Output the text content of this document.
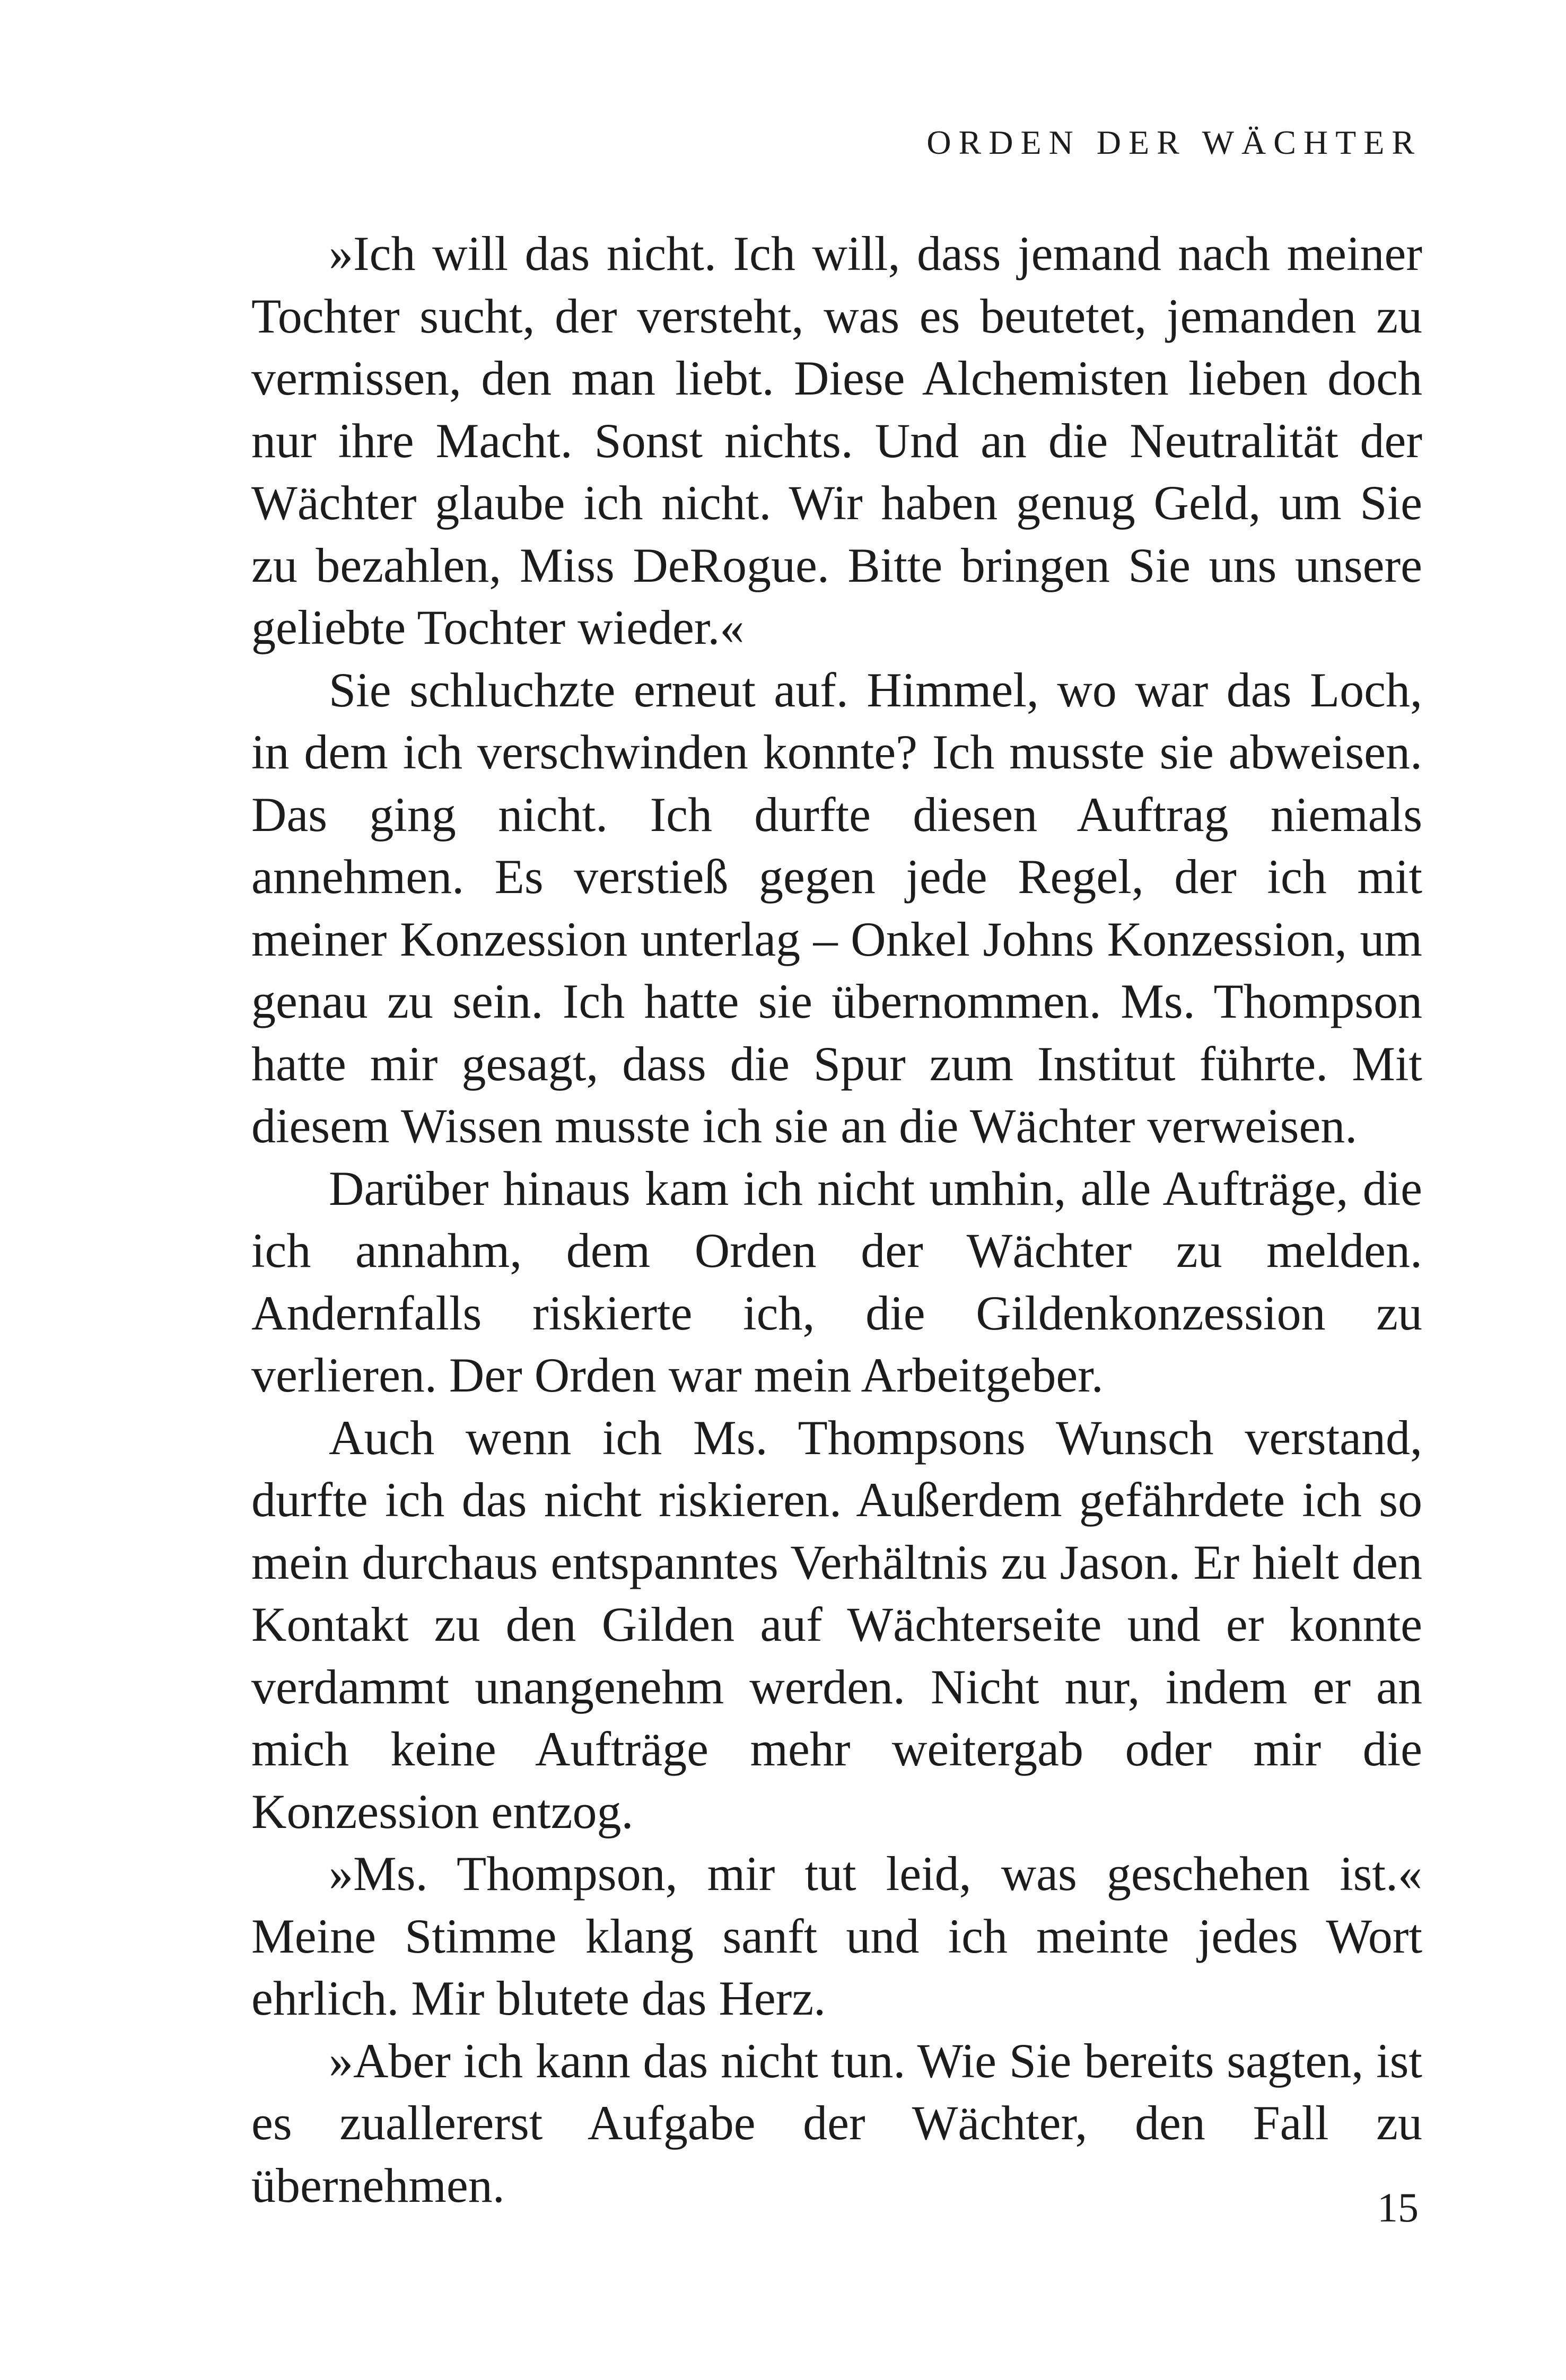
ORDEN DER WÄCHTER

»Ich will das nicht. Ich will, dass jemand nach meiner Tochter sucht, der versteht, was es beutetet, jemanden zu vermissen, den man liebt. Diese Alchemisten lieben doch nur ihre Macht. Sonst nichts. Und an die Neutralität der Wächter glaube ich nicht. Wir haben genug Geld, um Sie zu bezahlen, Miss DeRogue. Bitte bringen Sie uns unsere geliebte Tochter wieder.«

Sie schluchzte erneut auf. Himmel, wo war das Loch, in dem ich verschwinden konnte? Ich musste sie abweisen. Das ging nicht. Ich durfte diesen Auftrag niemals annehmen. Es verstieß gegen jede Regel, der ich mit meiner Konzession unterlag – Onkel Johns Konzession, um genau zu sein. Ich hatte sie übernommen. Ms. Thompson hatte mir gesagt, dass die Spur zum Institut führte. Mit diesem Wissen musste ich sie an die Wächter verweisen.

Darüber hinaus kam ich nicht umhin, alle Aufträge, die ich annahm, dem Orden der Wächter zu melden. Andernfalls riskierte ich, die Gildenkonzession zu verlieren. Der Orden war mein Arbeitgeber.

Auch wenn ich Ms. Thompsons Wunsch verstand, durfte ich das nicht riskieren. Außerdem gefährdete ich so mein durchaus entspanntes Verhältnis zu Jason. Er hielt den Kontakt zu den Gilden auf Wächterseite und er konnte verdammt unangenehm werden. Nicht nur, indem er an mich keine Aufträge mehr weitergab oder mir die Konzession entzog.

»Ms. Thompson, mir tut leid, was geschehen ist.« Meine Stimme klang sanft und ich meinte jedes Wort ehrlich. Mir blutete das Herz.

»Aber ich kann das nicht tun. Wie Sie bereits sagten, ist es zuallererst Aufgabe der Wächter, den Fall zu übernehmen.	15
